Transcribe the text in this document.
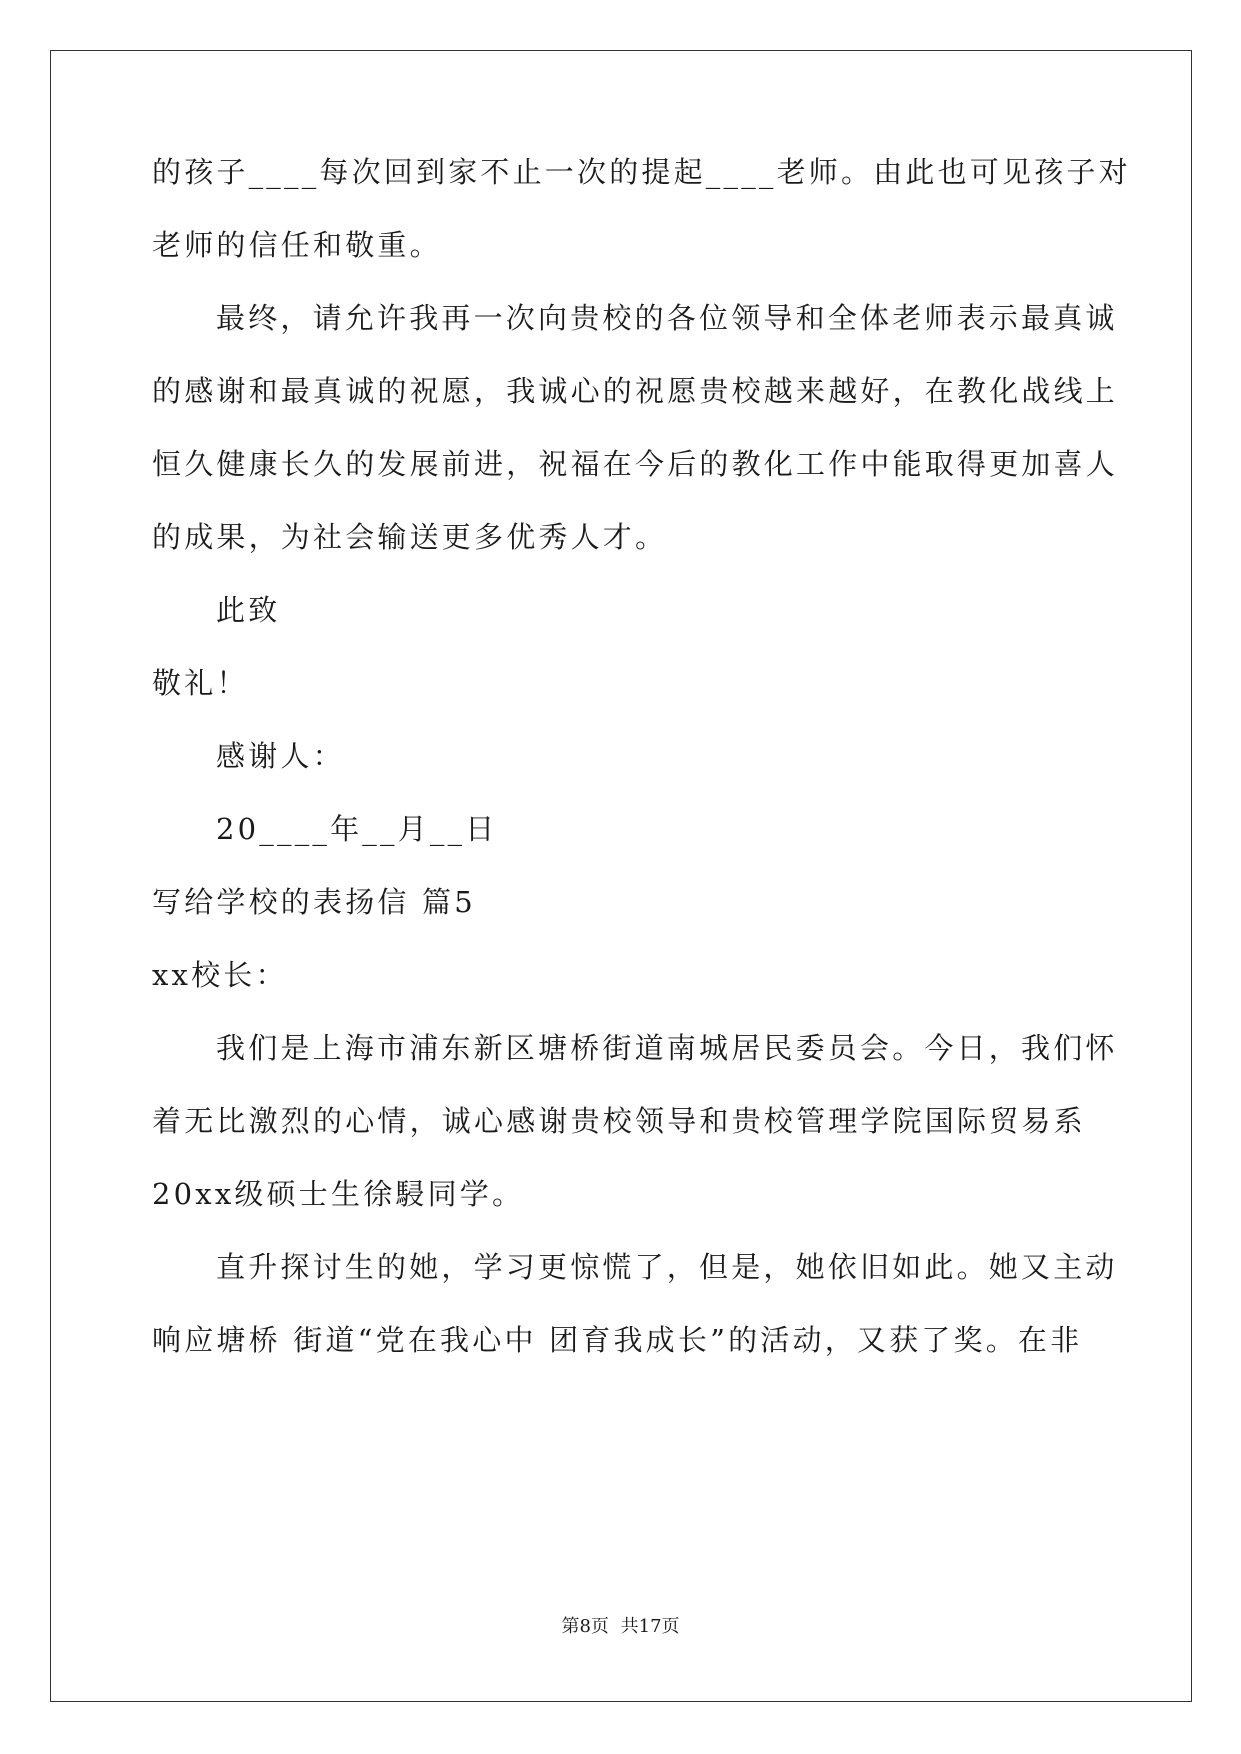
的孩子____每次回到家不止一次的提起____老师。由此也可见孩子对
老师的信任和敬重。
最终，请允许我再一次向贵校的各位领导和全体老师表示最真诚
的感谢和最真诚的祝愿，我诚心的祝愿贵校越来越好，在教化战线上
恒久健康长久的发展前进，祝福在今后的教化工作中能取得更加喜人
的成果，为社会输送更多优秀人才。
此致
敬礼！
感谢人：
20____年__月__日
写给学校的表扬信 篇5
xx校长：
我们是上海市浦东新区塘桥街道南城居民委员会。今日，我们怀
着无比激烈的心情，诚心感谢贵校领导和贵校管理学院国际贸易系
20xx级硕士生徐駸同学。
直升探讨生的她，学习更惊慌了，但是，她依旧如此。她又主动
响应塘桥 街道“党在我心中 团育我成长”的活动，又获了奖。在非
第8页 共17页
